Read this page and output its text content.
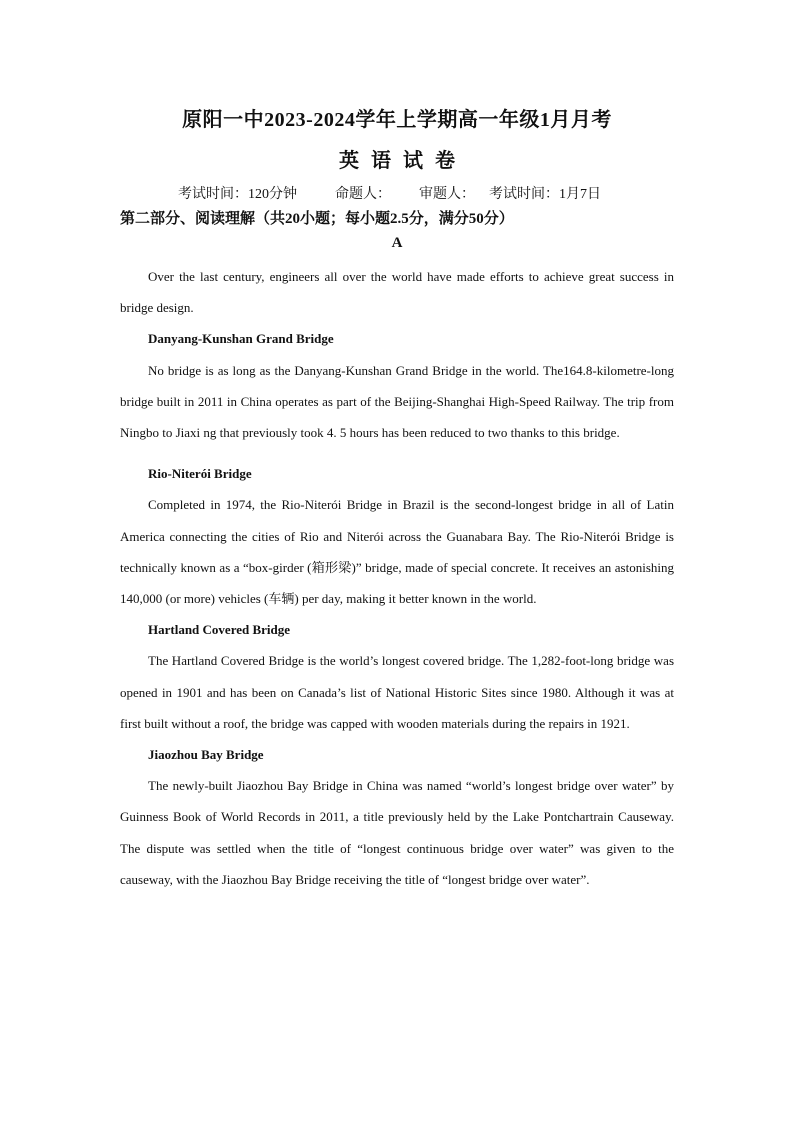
原阳一中2023-2024学年上学期高一年级1月月考
英语试卷
考试时间：120分钟	命题人： 审题人： 考试时间：1月7日
第二部分、阅读理解（共20小题；每小题2.5分，满分50分）
A

Over the last century, engineers all over the world have made efforts to achieve great success in bridge design.

Danyang-Kunshan Grand Bridge

No bridge is as long as the Danyang-Kunshan Grand Bridge in the world. The164.8-kilometre-long bridge built in 2011 in China operates as part of the Beijing-Shanghai High-Speed Railway. The trip from Ningbo to Jiaxi ng that previously took 4. 5 hours has been reduced to two thanks to this bridge.

Rio-Niterói Bridge

Completed in 1974, the Rio-Niterói Bridge in Brazil is the second-longest bridge in all of Latin America connecting the cities of Rio and Niterói across the Guanabara Bay. The Rio-Niterói Bridge is technically known as a “box-girder (箱形梁)” bridge, made of special concrete. It receives an astonishing 140,000 (or more) vehicles (车辆) per day, making it better known in the world.

Hartland Covered Bridge

The Hartland Covered Bridge is the world’s longest covered bridge. The 1,282-foot-long bridge was opened in 1901 and has been on Canada’s list of National Historic Sites since 1980. Although it was at first built without a roof, the bridge was capped with wooden materials during the repairs in 1921.

Jiaozhou Bay Bridge

The newly-built Jiaozhou Bay Bridge in China was named “world’s longest bridge over water” by Guinness Book of World Records in 2011, a title previously held by the Lake Pontchartrain Causeway. The dispute was settled when the title of “longest continuous bridge over water” was given to the causeway, with the Jiaozhou Bay Bridge receiving the title of “longest bridge over water”.
